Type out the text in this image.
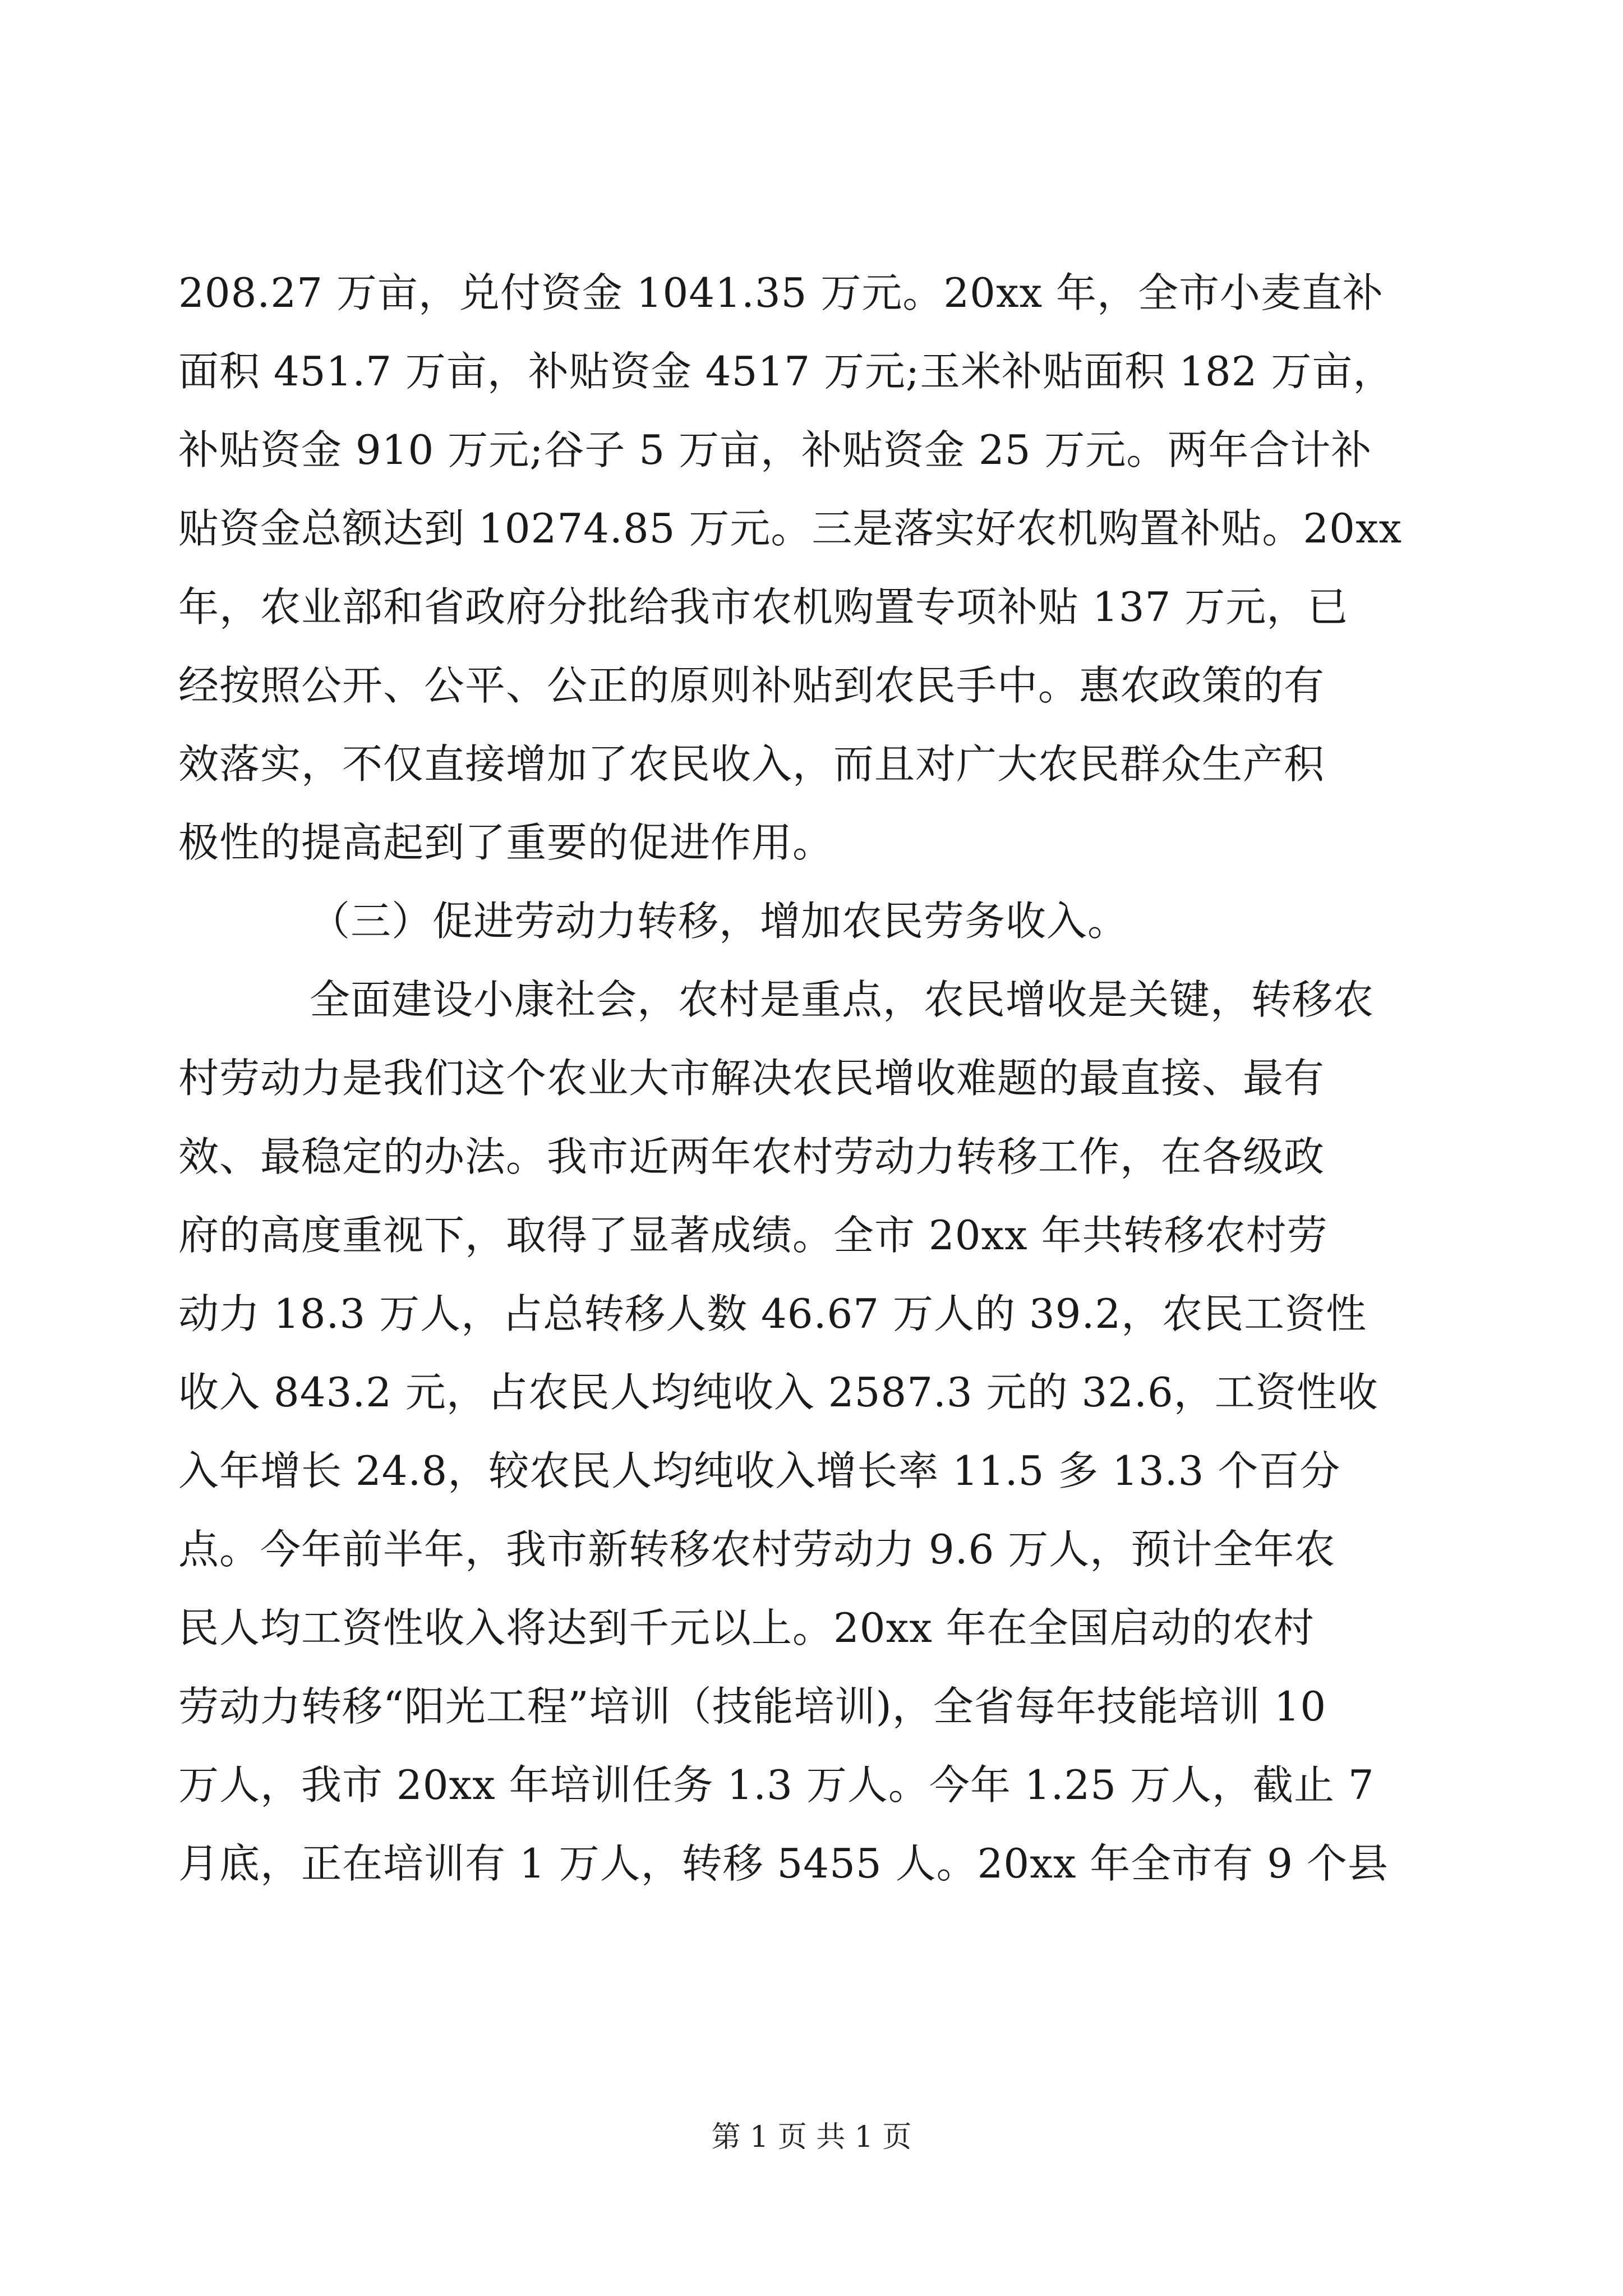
208.27 万亩，兑付资金 1041.35 万元。20xx 年，全市小麦直补
面积 451.7 万亩，补贴资金 4517 万元;玉米补贴面积 182 万亩，
补贴资金 910 万元;谷子 5 万亩，补贴资金 25 万元。两年合计补
贴资金总额达到 10274.85 万元。三是落实好农机购置补贴。20xx
年，农业部和省政府分批给我市农机购置专项补贴 137 万元，已
经按照公开、公平、公正的原则补贴到农民手中。惠农政策的有
效落实，不仅直接增加了农民收入，而且对广大农民群众生产积
极性的提高起到了重要的促进作用。
（三）促进劳动力转移，增加农民劳务收入。
全面建设小康社会，农村是重点，农民增收是关键，转移农
村劳动力是我们这个农业大市解决农民增收难题的最直接、最有
效、最稳定的办法。我市近两年农村劳动力转移工作，在各级政
府的高度重视下，取得了显著成绩。全市 20xx 年共转移农村劳
动力 18.3 万人，占总转移人数 46.67 万人的 39.2，农民工资性
收入 843.2 元，占农民人均纯收入 2587.3 元的 32.6，工资性收
入年增长 24.8，较农民人均纯收入增长率 11.5 多 13.3 个百分
点。今年前半年，我市新转移农村劳动力 9.6 万人，预计全年农
民人均工资性收入将达到千元以上。20xx 年在全国启动的农村
劳动力转移“阳光工程”培训（技能培训)，全省每年技能培训 10
万人，我市 20xx 年培训任务 1.3 万人。今年 1.25 万人，截止 7
月底，正在培训有 1 万人，转移 5455 人。20xx 年全市有 9 个县
第 1 页 共 1 页
